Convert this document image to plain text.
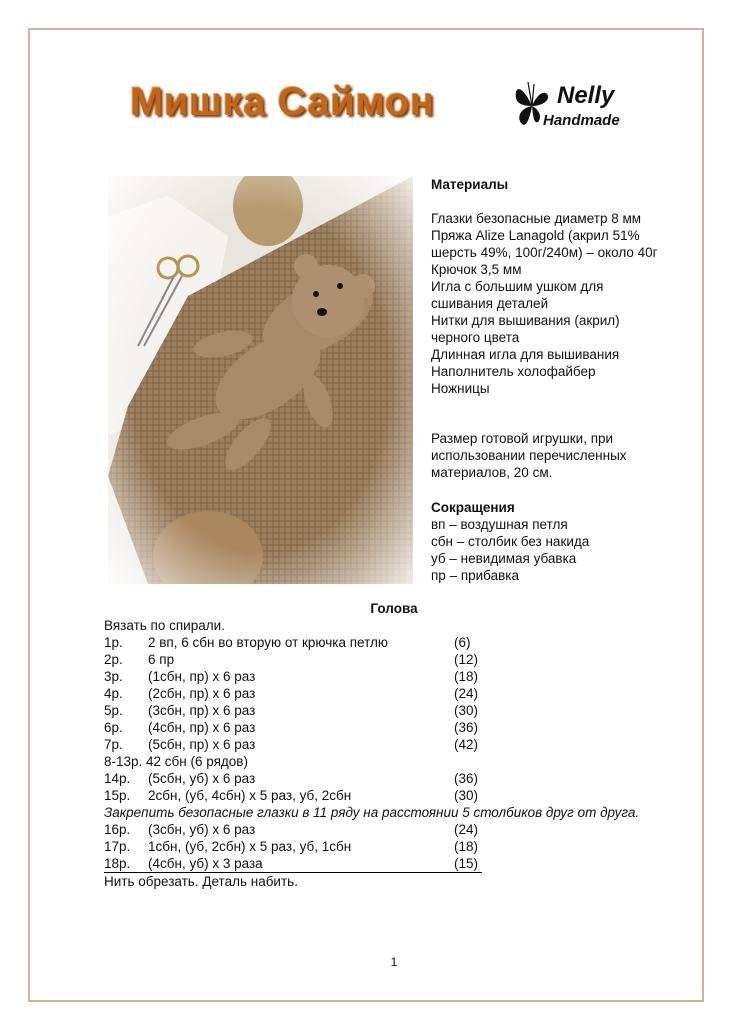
Мишка Саймон	Nelly
Handmade
Материалы
Глазки безопасные диаметр 8 мм
Пряжа Alize Lanagold (акрил 51%
шерсть 49%, 100г/240м) – около 40г
Крючок 3,5 мм
Игла с большим ушком для
сшивания деталей
Нитки для вышивания (акрил)
черного цвета
Длинная игла для вышивания
Наполнитель холофайбер
Ножницы
Размер готовой игрушки, при
использовании перечисленных
материалов, 20 см.
Сокращения
вп – воздушная петля
сбн – столбик без накида
уб – невидимая убавка
пр – прибавка
Голова
Вязать по спирали.
1р. 2 вп, 6 сбн во вторую от крючка петлю	(6)
2р. 6 пр	(12)
3р. (1сбн, пр) х 6 раз	(18)
4р. (2сбн, пр) х 6 раз	(24)
5р. (3сбн, пр) х 6 раз	(30)
6р. (4сбн, пр) х 6 раз	(36)
7р. (5сбн, пр) х 6 раз	(42)
8-13р. 42 сбн (6 рядов)
14р. (5сбн, уб) х 6 раз	(36)
15р. 2сбн, (уб, 4сбн) х 5 раз, уб, 2сбн	(30)
Закрепить безопасные глазки в 11 ряду на расстоянии 5 столбиков друг от друга.
16р. (3сбн, уб) х 6 раз	(24)
17р. 1сбн, (уб, 2сбн) х 5 раз, уб, 1сбн	(18)
18р. (4сбн, уб) х 3 раза	(15)
Нить обрезать. Деталь набить.
1
